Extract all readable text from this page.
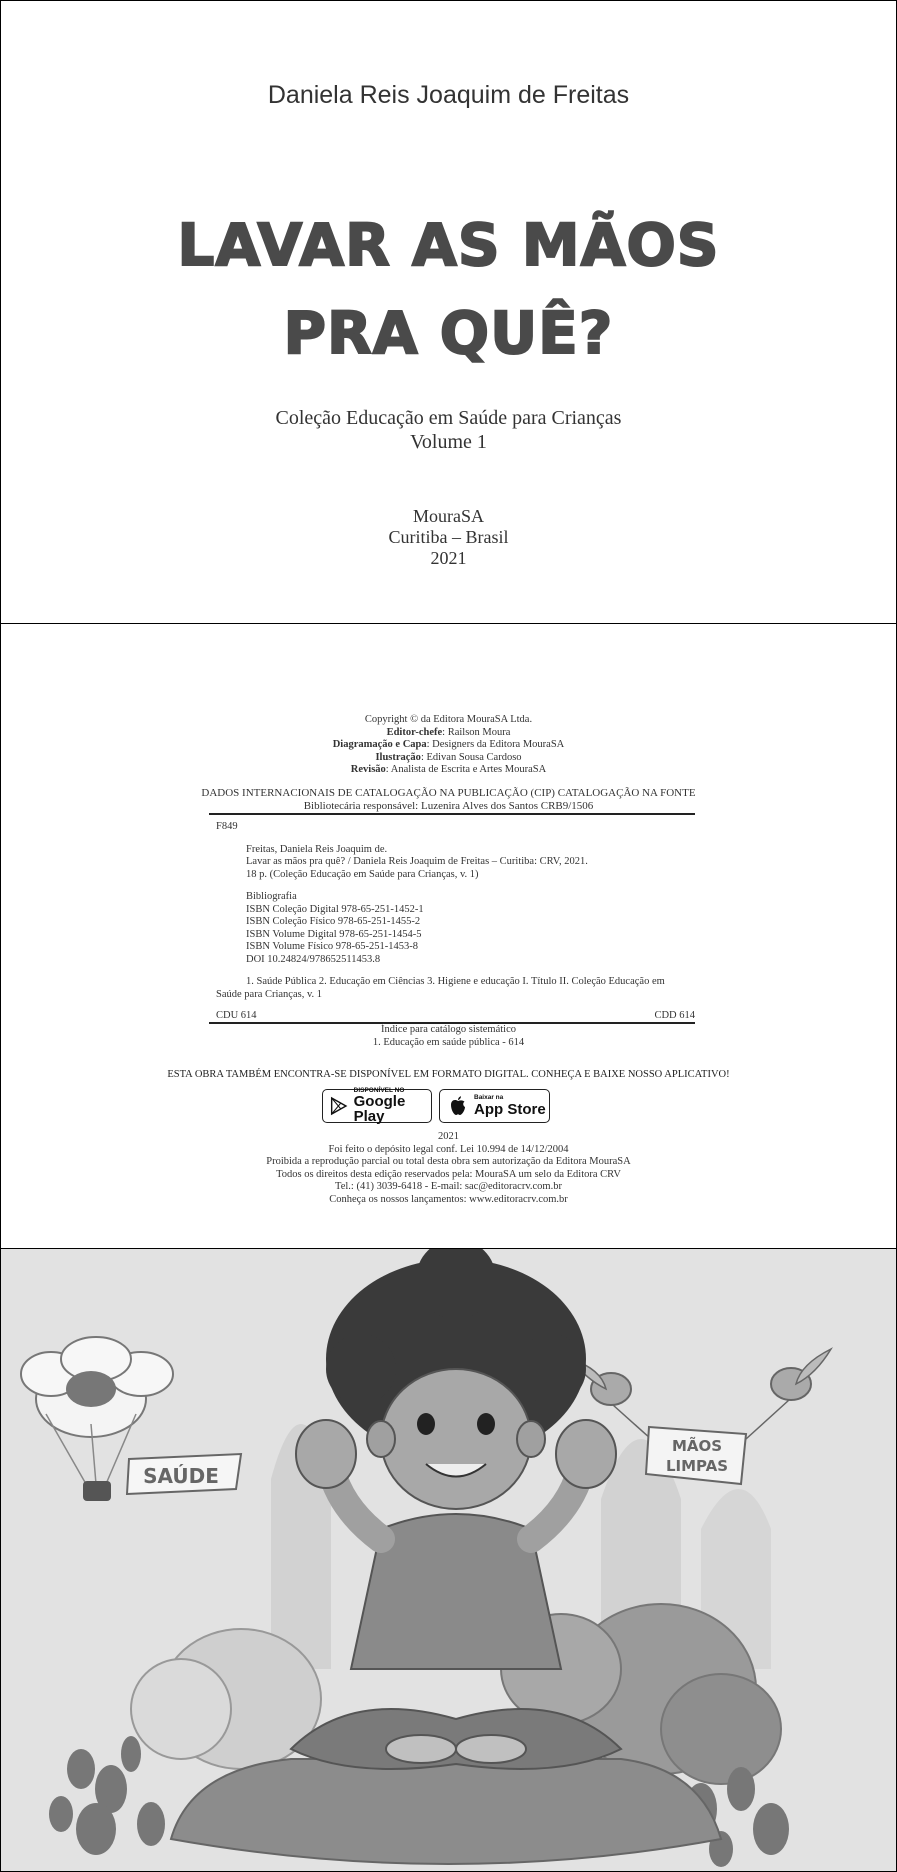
Daniela Reis Joaquim de Freitas
LAVAR AS MÃOS
PRA QUÊ?
Coleção Educação em Saúde para Crianças
Volume 1
MouraSA
Curitiba – Brasil
2021
Copyright © da Editora MouraSA Ltda.
Editor-chefe: Railson Moura
Diagramação e Capa: Designers da Editora MouraSA
Ilustração: Edivan Sousa Cardoso
Revisão: Analista de Escrita e Artes MouraSA
DADOS INTERNACIONAIS DE CATALOGAÇÃO NA PUBLICAÇÃO (CIP) CATALOGAÇÃO NA FONTE
Bibliotecária responsável: Luzenira Alves dos Santos CRB9/1506
F849
Freitas, Daniela Reis Joaquim de.
Lavar as mãos pra quê? / Daniela Reis Joaquim de Freitas – Curitiba: CRV, 2021.
18 p. (Coleção Educação em Saúde para Crianças, v. 1)
Bibliografia
ISBN Coleção Digital 978-65-251-1452-1
ISBN Coleção Físico 978-65-251-1455-2
ISBN Volume Digital 978-65-251-1454-5
ISBN Volume Físico 978-65-251-1453-8
DOI 10.24824/978652511453.8
1. Saúde Pública 2. Educação em Ciências 3. Higiene e educação I. Título II. Coleção Educação em
Saúde para Crianças, v. 1
CDU 614	CDD 614
Índice para catálogo sistemático
1. Educação em saúde pública - 614
ESTA OBRA TAMBÉM ENCONTRA-SE DISPONÍVEL EM FORMATO DIGITAL. CONHEÇA E BAIXE NOSSO APLICATIVO!
DISPONÍVEL NO
Google Play
Baixar na
App Store
2021
Foi feito o depósito legal conf. Lei 10.994 de 14/12/2004
Proibida a reprodução parcial ou total desta obra sem autorização da Editora MouraSA
Todos os direitos desta edição reservados pela: MouraSA um selo da Editora CRV
Tel.: (41) 3039-6418 - E-mail: sac@editoracrv.com.br
Conheça os nossos lançamentos: www.editoracrv.com.br
SAÚDE
MÃOS
LIMPAS
